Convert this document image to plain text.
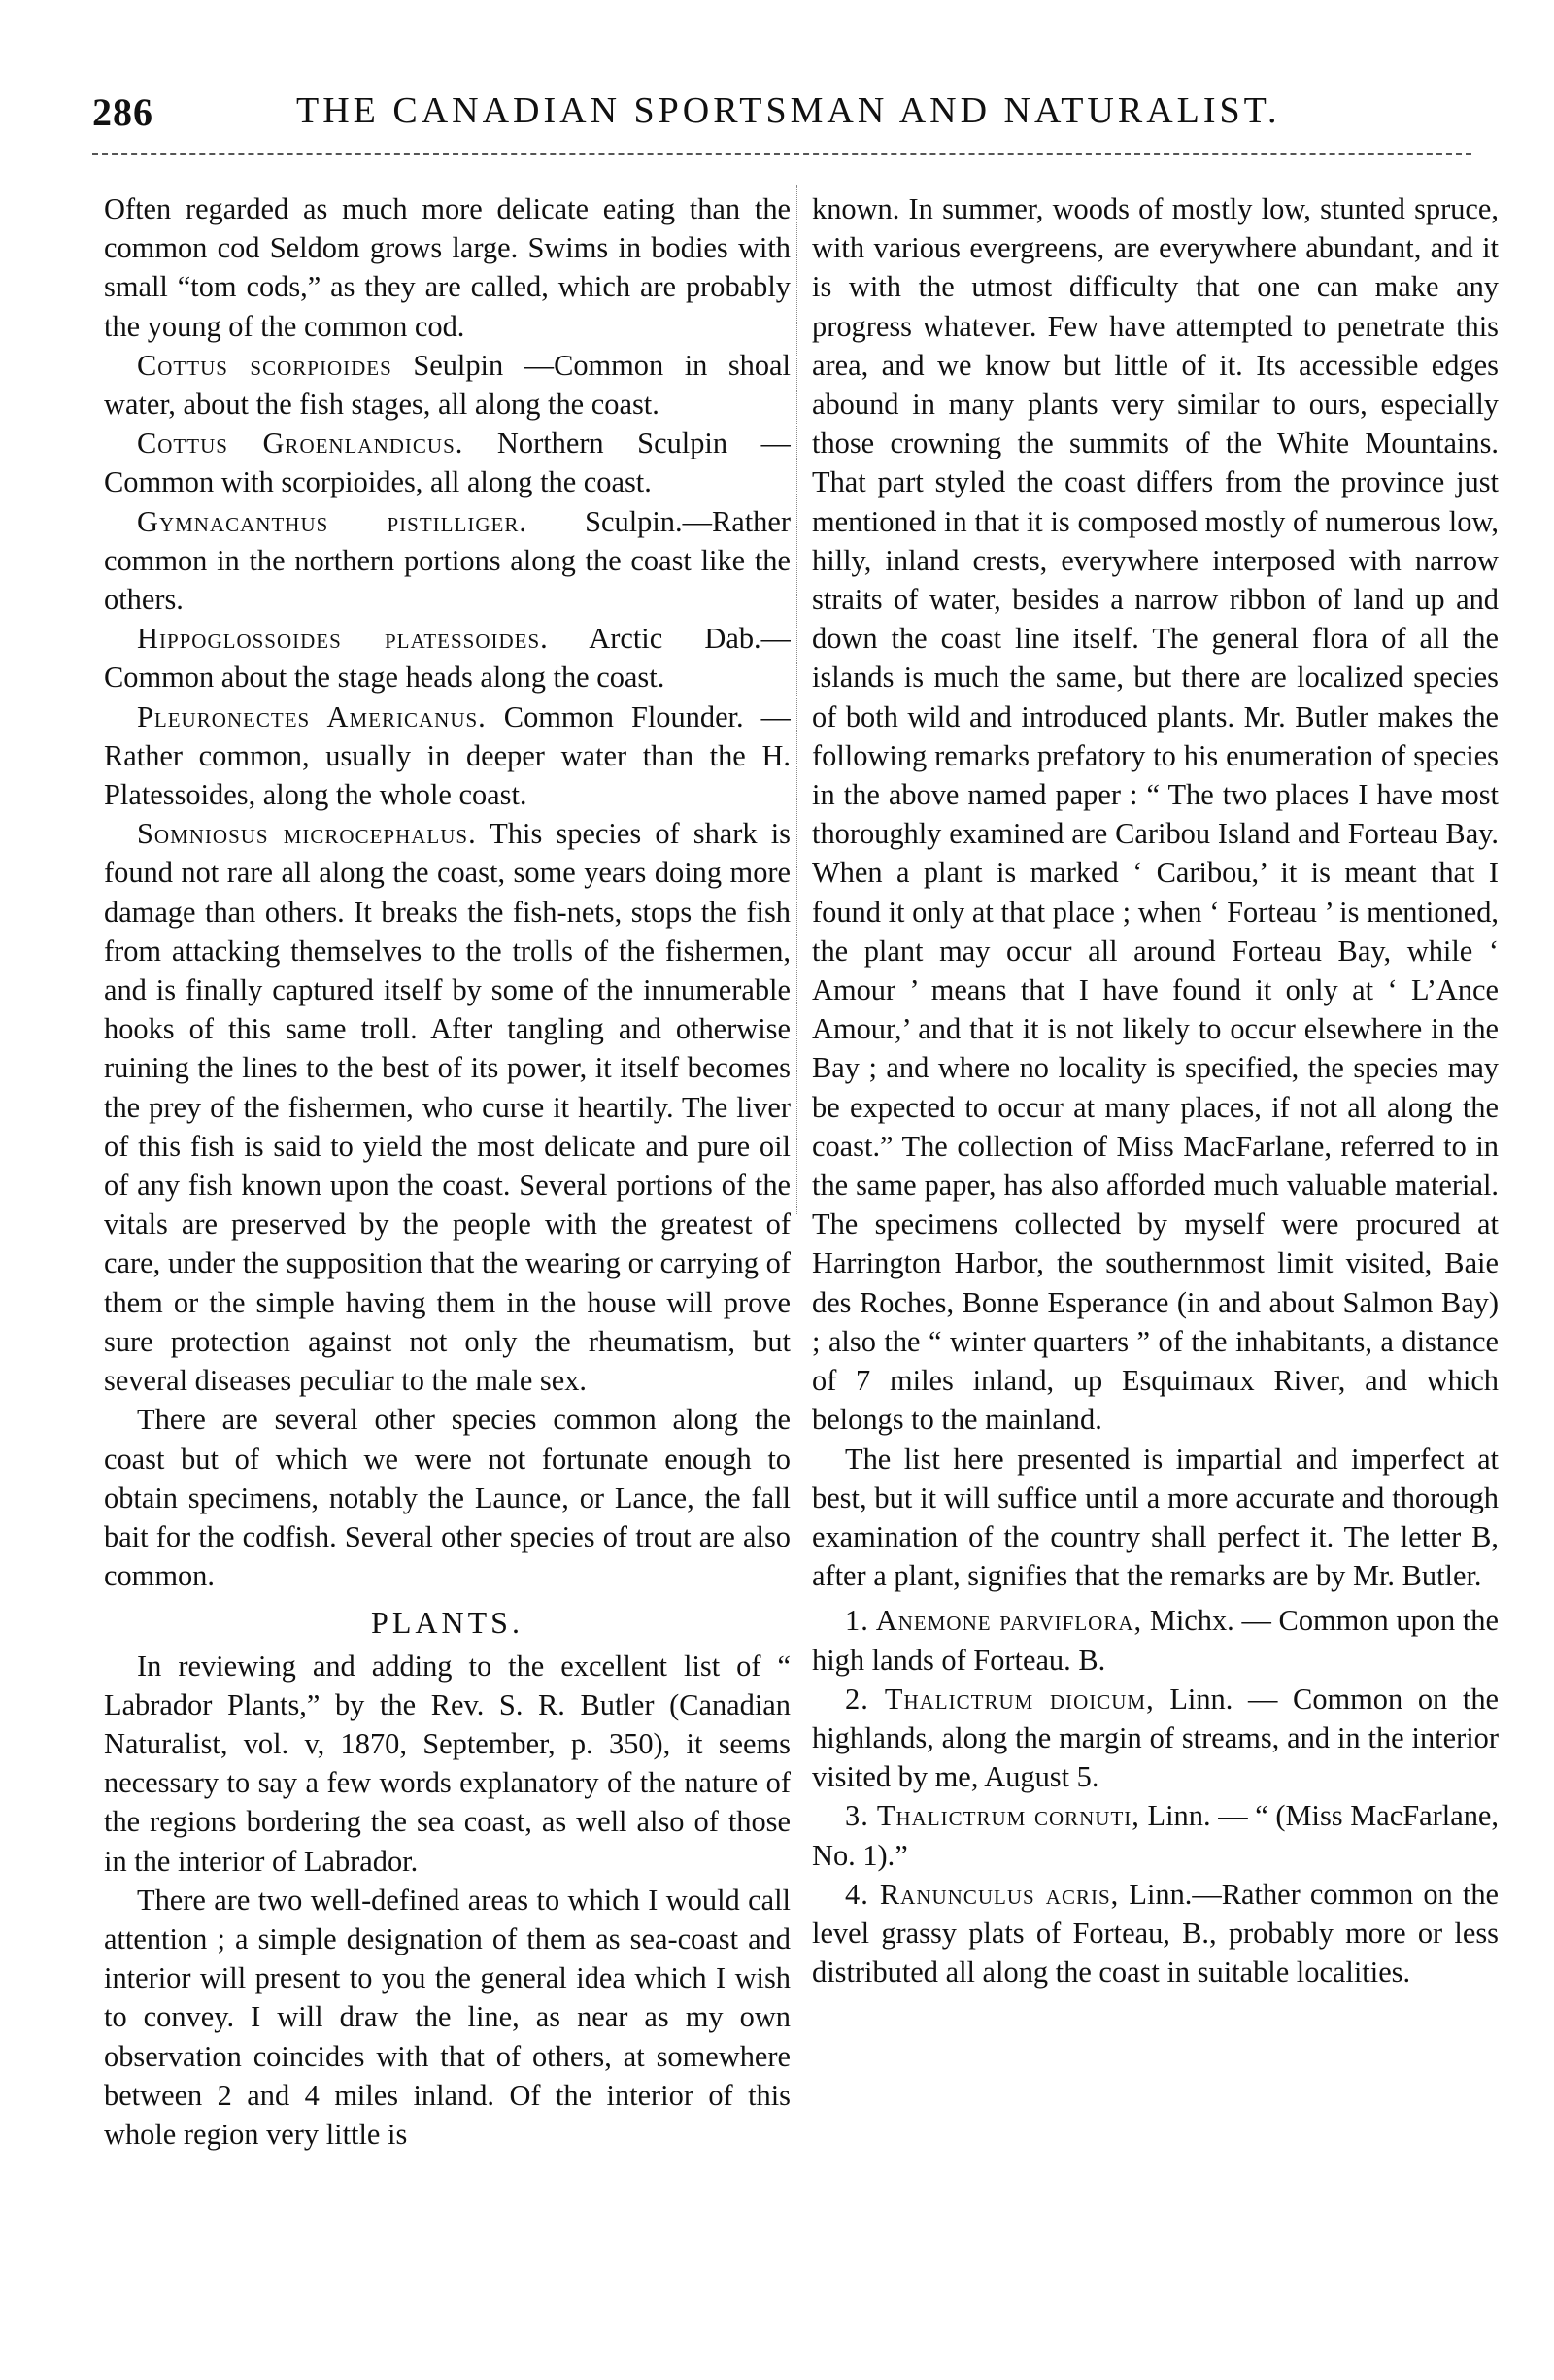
286	THE CANADIAN SPORTSMAN AND NATURALIST.

Often regarded as much more delicate eating than the common cod Seldom grows large. Swims in bodies with small “tom cods,” as they are called, which are probably the young of the common cod.

Cottus scorpioides Seulpin —Common in shoal water, about the fish stages, all along the coast.

Cottus Groenlandicus. Northern Sculpin — Common with scorpioides, all along the coast.

Gymnacanthus pistilliger. Sculpin.—Rather common in the northern portions along the coast like the others.

Hippoglossoides platessoides. Arctic Dab.— Common about the stage heads along the coast.

Pleuronectes Americanus. Common Flounder. —Rather common, usually in deeper water than the H. Platessoides, along the whole coast.

Somniosus microcephalus. This species of shark is found not rare all along the coast, some years doing more damage than others. It breaks the fish-nets, stops the fish from attacking themselves to the trolls of the fishermen, and is finally captured itself by some of the innumerable hooks of this same troll. After tangling and otherwise ruining the lines to the best of its power, it itself becomes the prey of the fishermen, who curse it heartily. The liver of this fish is said to yield the most delicate and pure oil of any fish known upon the coast. Several portions of the vitals are preserved by the people with the greatest of care, under the supposition that the wearing or carrying of them or the simple having them in the house will prove sure protection against not only the rheumatism, but several diseases peculiar to the male sex.

There are several other species common along the coast but of which we were not fortunate enough to obtain specimens, notably the Launce, or Lance, the fall bait for the codfish. Several other species of trout are also common.

PLANTS.

In reviewing and adding to the excellent list of “ Labrador Plants,” by the Rev. S. R. Butler (Canadian Naturalist, vol. v, 1870, September, p. 350), it seems necessary to say a few words explanatory of the nature of the regions bordering the sea coast, as well also of those in the interior of Labrador.

There are two well-defined areas to which I would call attention ; a simple designation of them as sea-coast and interior will present to you the general idea which I wish to convey. I will draw the line, as near as my own observation coincides with that of others, at somewhere between 2 and 4 miles inland. Of the interior of this whole region very little is

known. In summer, woods of mostly low, stunted spruce, with various evergreens, are everywhere abundant, and it is with the utmost difficulty that one can make any progress whatever. Few have attempted to penetrate this area, and we know but little of it. Its accessible edges abound in many plants very similar to ours, especially those crowning the summits of the White Mountains. That part styled the coast differs from the province just mentioned in that it is composed mostly of numerous low, hilly, inland crests, everywhere interposed with narrow straits of water, besides a narrow ribbon of land up and down the coast line itself. The general flora of all the islands is much the same, but there are localized species of both wild and introduced plants. Mr. Butler makes the following remarks prefatory to his enumeration of species in the above named paper : “ The two places I have most thoroughly examined are Caribou Island and Forteau Bay. When a plant is marked ‘ Caribou,’ it is meant that I found it only at that place ; when ‘ Forteau ’ is mentioned, the plant may occur all around Forteau Bay, while ‘ Amour ’ means that I have found it only at ‘ L’Ance Amour,’ and that it is not likely to occur elsewhere in the Bay ; and where no locality is specified, the species may be expected to occur at many places, if not all along the coast.” The collection of Miss MacFarlane, referred to in the same paper, has also afforded much valuable material. The specimens collected by myself were procured at Harrington Harbor, the southernmost limit visited, Baie des Roches, Bonne Esperance (in and about Salmon Bay) ; also the “ winter quarters ” of the inhabitants, a distance of 7 miles inland, up Esquimaux River, and which belongs to the mainland.

The list here presented is impartial and imperfect at best, but it will suffice until a more accurate and thorough examination of the country shall perfect it. The letter B, after a plant, signifies that the remarks are by Mr. Butler.

1. Anemone parviflora, Michx. — Common upon the high lands of Forteau. B.

2. Thalictrum dioicum, Linn. — Common on the highlands, along the margin of streams, and in the interior visited by me, August 5.

3. Thalictrum cornuti, Linn. — “ (Miss MacFarlane, No. 1).”

4. Ranunculus acris, Linn.—Rather common on the level grassy plats of Forteau, B., probably more or less distributed all along the coast in suitable localities.
